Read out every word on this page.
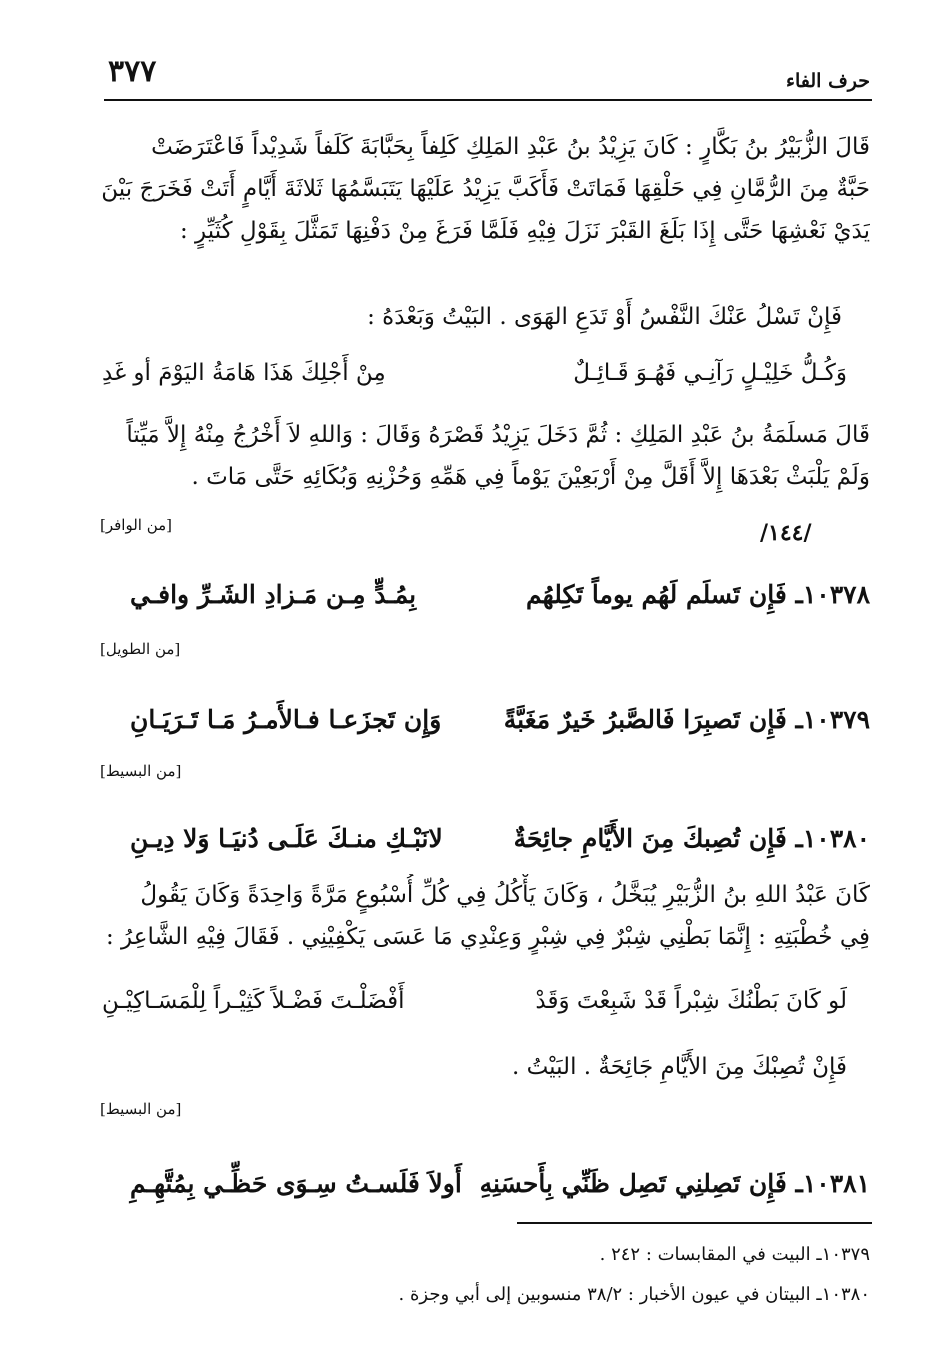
٣٧٧	حرف الفاء
قَالَ الزُّبَيْرُ بنُ بَكَّارٍ : كَانَ يَزِيْدُ بنُ عَبْدِ المَلِكِ كَلِفاً بِحَبَّابَةَ كَلَفاً شَدِيْداً فَاعْتَرَضَتْ
حَبَّةٌ مِنَ الرُّمَّانِ فِي حَلْقِهَا فَمَاتَتْ فَأَكَبَّ يَزِيْدُ عَلَيْهَا يَتَبَسَّمُهَا ثَلاثَةَ أَيَّامٍ أَتَتْ فَخَرَجَ بَيْنَ
يَدَيْ نَعْشِهَا حَتَّى إِذَا بَلَغَ القَبْرَ نَزَلَ فِيْهِ فَلَمَّا فَرَغَ مِنْ دَفْنِهَا تَمَثَّلَ بِقَوْلِ كُثَيِّرٍ :
فَإِنْ تَسْلُ عَنْكَ النَّفْسُ أَوْ تَدَعِ الهَوَى . البَيْتُ وَبَعْدَهُ :
وَكُـلُّ خَلِيْـلٍ رَآنِـي فَهُـوَ قَـائِـلٌ
مِنْ أَجْلِكَ هَذَا هَامَةُ اليَوْمَ أو غَدِ
قَالَ مَسلَمَةُ بنُ عَبْدِ المَلِكِ : ثُمَّ دَخَلَ يَزِيْدُ قَصْرَهُ وَقَالَ : وَاللهِ لاَ أَخْرُجُ مِنْهُ إِلاَّ مَيِّتاً
وَلَمْ يَلْبَثْ بَعْدَهَا إِلاَّ أَقَلَّ مِنْ أَرْبَعِيْنَ يَوْماً فِي هَمِّهِ وَحُزْنِهِ وَبُكَائِهِ حَتَّى مَاتَ .
[من الوافر]	/١٤٤/
١٠٣٧٨ـ فَإِن تَسلَم لَهُم يوماً تَكِلهُم
بِمُـدٍّ مِـن مَـزادِ الشَـرِّ وافـي
[من الطويل]
١٠٣٧٩ـ فَإِن تَصبِرَا فَالصَّبرُ خَيرٌ مَغَبَّةً
وَإِن تَجزَعـا فـالأَمـرُ مَـا تَـرَيَـانِ
[من البسيط]
١٠٣٨٠ـ فَإِن تُصِبكَ مِنَ الأَيَّامِ جائِحَةٌ
لانَبْـكِ منـكَ عَلَـى دُنيَـا وَلا دِيـنِ
كَانَ عَبْدُ اللهِ بنُ الزُّبَيْرِ يُبَخَّلُ ، وَكَانَ يَأْكُلُ فِي كُلِّ أُسْبُوعٍ مَرَّةً وَاحِدَةً وَكَانَ يَقُولُ
فِي خُطْبَتِهِ : إِنَّمَا بَطْنِي شِبْرٌ فِي شِبْرٍ وَعِنْدِي مَا عَسَى يَكْفِيْنِي . فَقَالَ فِيْهِ الشَّاعِرُ :
لَو كَانَ بَطْنُكَ شِبْراً قَدْ شَبِعْتَ وَقَدْ
أَفْضَلْـتَ فَضْـلاً كَثِيْـراً لِلْمَسَـاكِيْـنِ
فَإِنْ تُصِبْكَ مِنَ الأَيَّامِ جَائِحَةٌ . البَيْتُ .
[من البسيط]
١٠٣٨١ـ فَإِن تَصِلنِي تَصِل ظَنِّي بِأَحسَنِهِ
أَولاَ فَلَسـتُ سِـوَى حَظِّـي بِمُتَّهِـمِ
١٠٣٧٩ـ البيت في المقابسات : ٢٤٢ .
١٠٣٨٠ـ البيتان في عيون الأخبار : ٣٨/٢ منسوبين إلى أبي وجزة .
